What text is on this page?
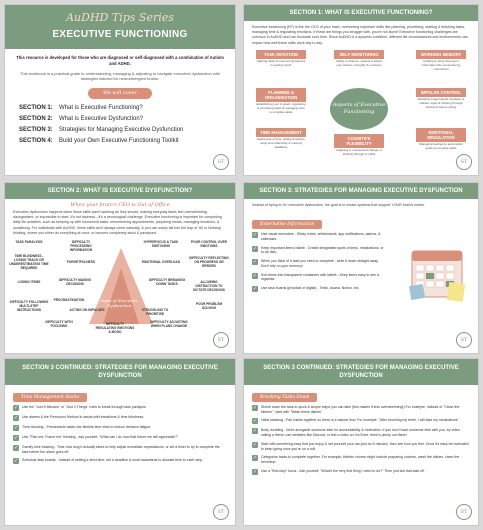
AuDHD Tips Series
EXECUTIVE FUNCTIONING
This resource is developed for those who are diagnosed or self-diagnosed with a combination of Autism and ADHD.
This workbook is a practical guide to understanding, managing & adjusting to navigate executive dysfunction with strategies tailored for neurodivergent brains.
We will cover
SECTION 1: What is Executive Functioning?
SECTION 2: What is Executive Dysfunction?
SECTION 3: Strategies for Managing Executive Dysfunction
SECTION 4: Build your Own Executive Functioning Toolkit
ST
SECTION 1: WHAT IS EXECUTIVE FUNCTIONING?
Executive functioning (EF) is like the CEO of your brain, overseeing important skills like planning, prioritising, starting & finishing tasks, managing time & regulating emotions. If these are things you struggle with, you're not alone! Executive functioning challenges are common in AuDHD and can fluctuate over time. Since AuDHD is a dynamic condition, different life circumstances and environments can impact how well these skills work day to day.
TASK INITIATION
Starting tasks & overcoming barriers to getting 'stuck'
SELF MONITORING
Ability to observe, assess & adjust your actions, thoughts & emotions
WORKING MEMORY
Holding & using short-term information like remembering instructions
PLANNING & ORGANISATION
Establishing your & goals, organising & prioritising tasks & managing time to complete tasks
Aspects of Executive Functioning
IMPULSE CONTROL
Resisting inappropriate impulses or sudden urges & thinking through decisions before acting
TIME MANAGEMENT
Awareness of time, setting timelines, using time effectively & meeting deadlines
COGNITIVE FLEXIBILITY
Adapting to unexpected change or thinking through to shifts
EMOTIONAL REGULATION
Managing feelings to accomplish goals & complete tasks
ST
SECTION 2: WHAT IS EXECUTIVE DYSFUNCTION?
When your brain's CEO is Out of Office
Executive dysfunction happens when these skills aren't working as they should, making everyday tasks feel overwhelming, disorganised, or impossible to start. It's not laziness—it's a neurological challenge. Executive functioning is important for completing daily life activities, such as keeping up with household tasks, remembering appointments, preparing meals, managing emotions, & socialising. For individuals with AuDHD, these skills don't always come naturally, & you can easily fall into the trap of 'All or Nothing' thinking, where you either do everything at once, or become completely stuck & paralysed.
Signs of Executive Dysfunction
TASK PARALYSIS	DIFFICULTY PROCESSING INFORMATION
HYPERFOCUS & TASK SWITCHING
POOR CONTROL OVER EMOTIONS
TIME BLINDNESS - LOSING TRACK OR UNDERESTIMATING TIME REQUIRED
FORGETFULNESS	EMOTIONAL OVERLOAD
DIFFICULTY REFLECTING ON PROGRESS OR ERRORS
LOSING ITEMS	DIFFICULTY MAKING DECISIONS
DIFFICULTY BREAKING DOWN TASKS
ALLOWING DISTRACTION TO DICTATE DECISIONS
DIFFICULTY FOLLOWING MULTI-STEP INSTRUCTIONS
PROCRASTINATION
ACTING ON IMPULSES	STRUGGLING TO PRIORITISE
POOR PROBLEM SOLVING
DIFFICULTY WITH FOCUSING
DIFFICULTY REGULATING EMOTIONS & MOOD
DIFFICULTY ADJUSTING WHEN PLANS CHANGE
ST
SECTION 3: STRATEGIES FOR MANAGING EXECUTIVE DYSFUNCTION
Instead of trying to 'fix' executive dysfunction, the goal is to create systems that support YOUR brain's needs.
Externalise Information
✓ Use visual reminders - Sticky notes, whiteboards, app notifications, alarms, & calendars.
✓ Keep important items visible - Create designated spots of keys, medications, or to-do lists.
✓ When you think of a task you need to complete - write it down straight away. Don't rely on your memory!
✓ Sort items into transparent containers with labels - Keep items easy to see & organise.
✓ Use task boards (physical or digital) - Trello, Asana, Notion, etc.
ST
SECTION 3 CONTINUED: STRATEGIES FOR MANAGING EXECUTIVE DYSFUNCTION
Time Management Hacks
✓ Use the "Just 5 Minutes" or "Just 3 Things" rules to break through task paralysis.
✓ Use alarms & the Pomodoro Method to assist with transitions & time blindness.
✓ Time blocking - Preschedule tasks into flexible time slots to reduce decision fatigue.
✓ Use "Plan me, Future me" thinking - ask yourself, "What can I do now that future me will appreciate?"
✓ Gamify time tracking - Time how long it actually takes to help adjust unrealistic expectations, or set a timer to try to complete the task before the alarm goes off.
✓ Schedule task boards - Instead of setting a strict time, set a deadline & work backwards to allocate time to each step.
ST
SECTION 3 CONTINUED: STRATEGIES FOR MANAGING EXECUTIVE DYSFUNCTION
Breaking Tasks Down
✓ Shrink down the task to quick & simple steps you can take (this makes it less overwhelming!) For example, instead of "Clean the kitchen", start with "Wash these dishes".
✓ Habit stacking - Pair habits together so there is a natural flow. For example: "After brushing my teeth, I will take my medications".
✓ Body doubling - Work alongside someone else for accountability & motivation. If you don't have someone else with you, try video calling a friend, use websites like Discord, or find a video on YouTube, there's plenty out there!
✓ Start with something easy that you enjoy & set yourself your can just do 5 minutes, then see how you feel. Once it's easy be motivated to keep going once you're on a roll!
✓ Categorise tasks to complete together. For example, kitchen chores might include preparing lunches, wash the dishes, clean the benchtop.
✓ Use a "first-step" focus - Ask yourself, "What's the very first thing I need to do?" Then just tick that task off.
ST
